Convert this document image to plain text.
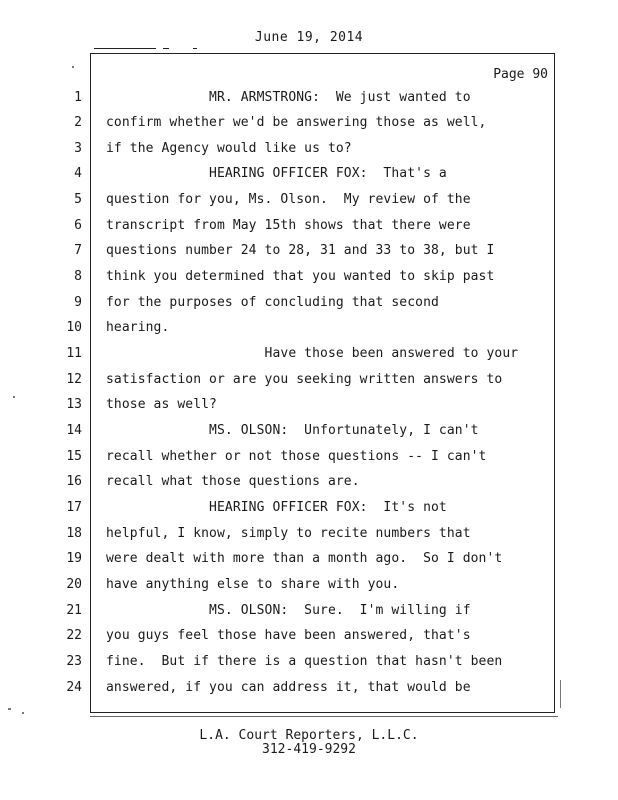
June 19, 2014
Page 90
1 MR. ARMSTRONG:  We just wanted to
2 confirm whether we'd be answering those as well,
3 if the Agency would like us to?
4 HEARING OFFICER FOX:  That's a
5 question for you, Ms. Olson.  My review of the
6 transcript from May 15th shows that there were
7 questions number 24 to 28, 31 and 33 to 38, but I
8 think you determined that you wanted to skip past
9 for the purposes of concluding that second
10 hearing.
11 Have those been answered to your
12 satisfaction or are you seeking written answers to
13 those as well?
14 MS. OLSON:  Unfortunately, I can't
15 recall whether or not those questions -- I can't
16 recall what those questions are.
17 HEARING OFFICER FOX:  It's not
18 helpful, I know, simply to recite numbers that
19 were dealt with more than a month ago.  So I don't
20 have anything else to share with you.
21 MS. OLSON:  Sure.  I'm willing if
22 you guys feel those have been answered, that's
23 fine.  But if there is a question that hasn't been
24 answered, if you can address it, that would be
L.A. Court Reporters, L.L.C.
312-419-9292
